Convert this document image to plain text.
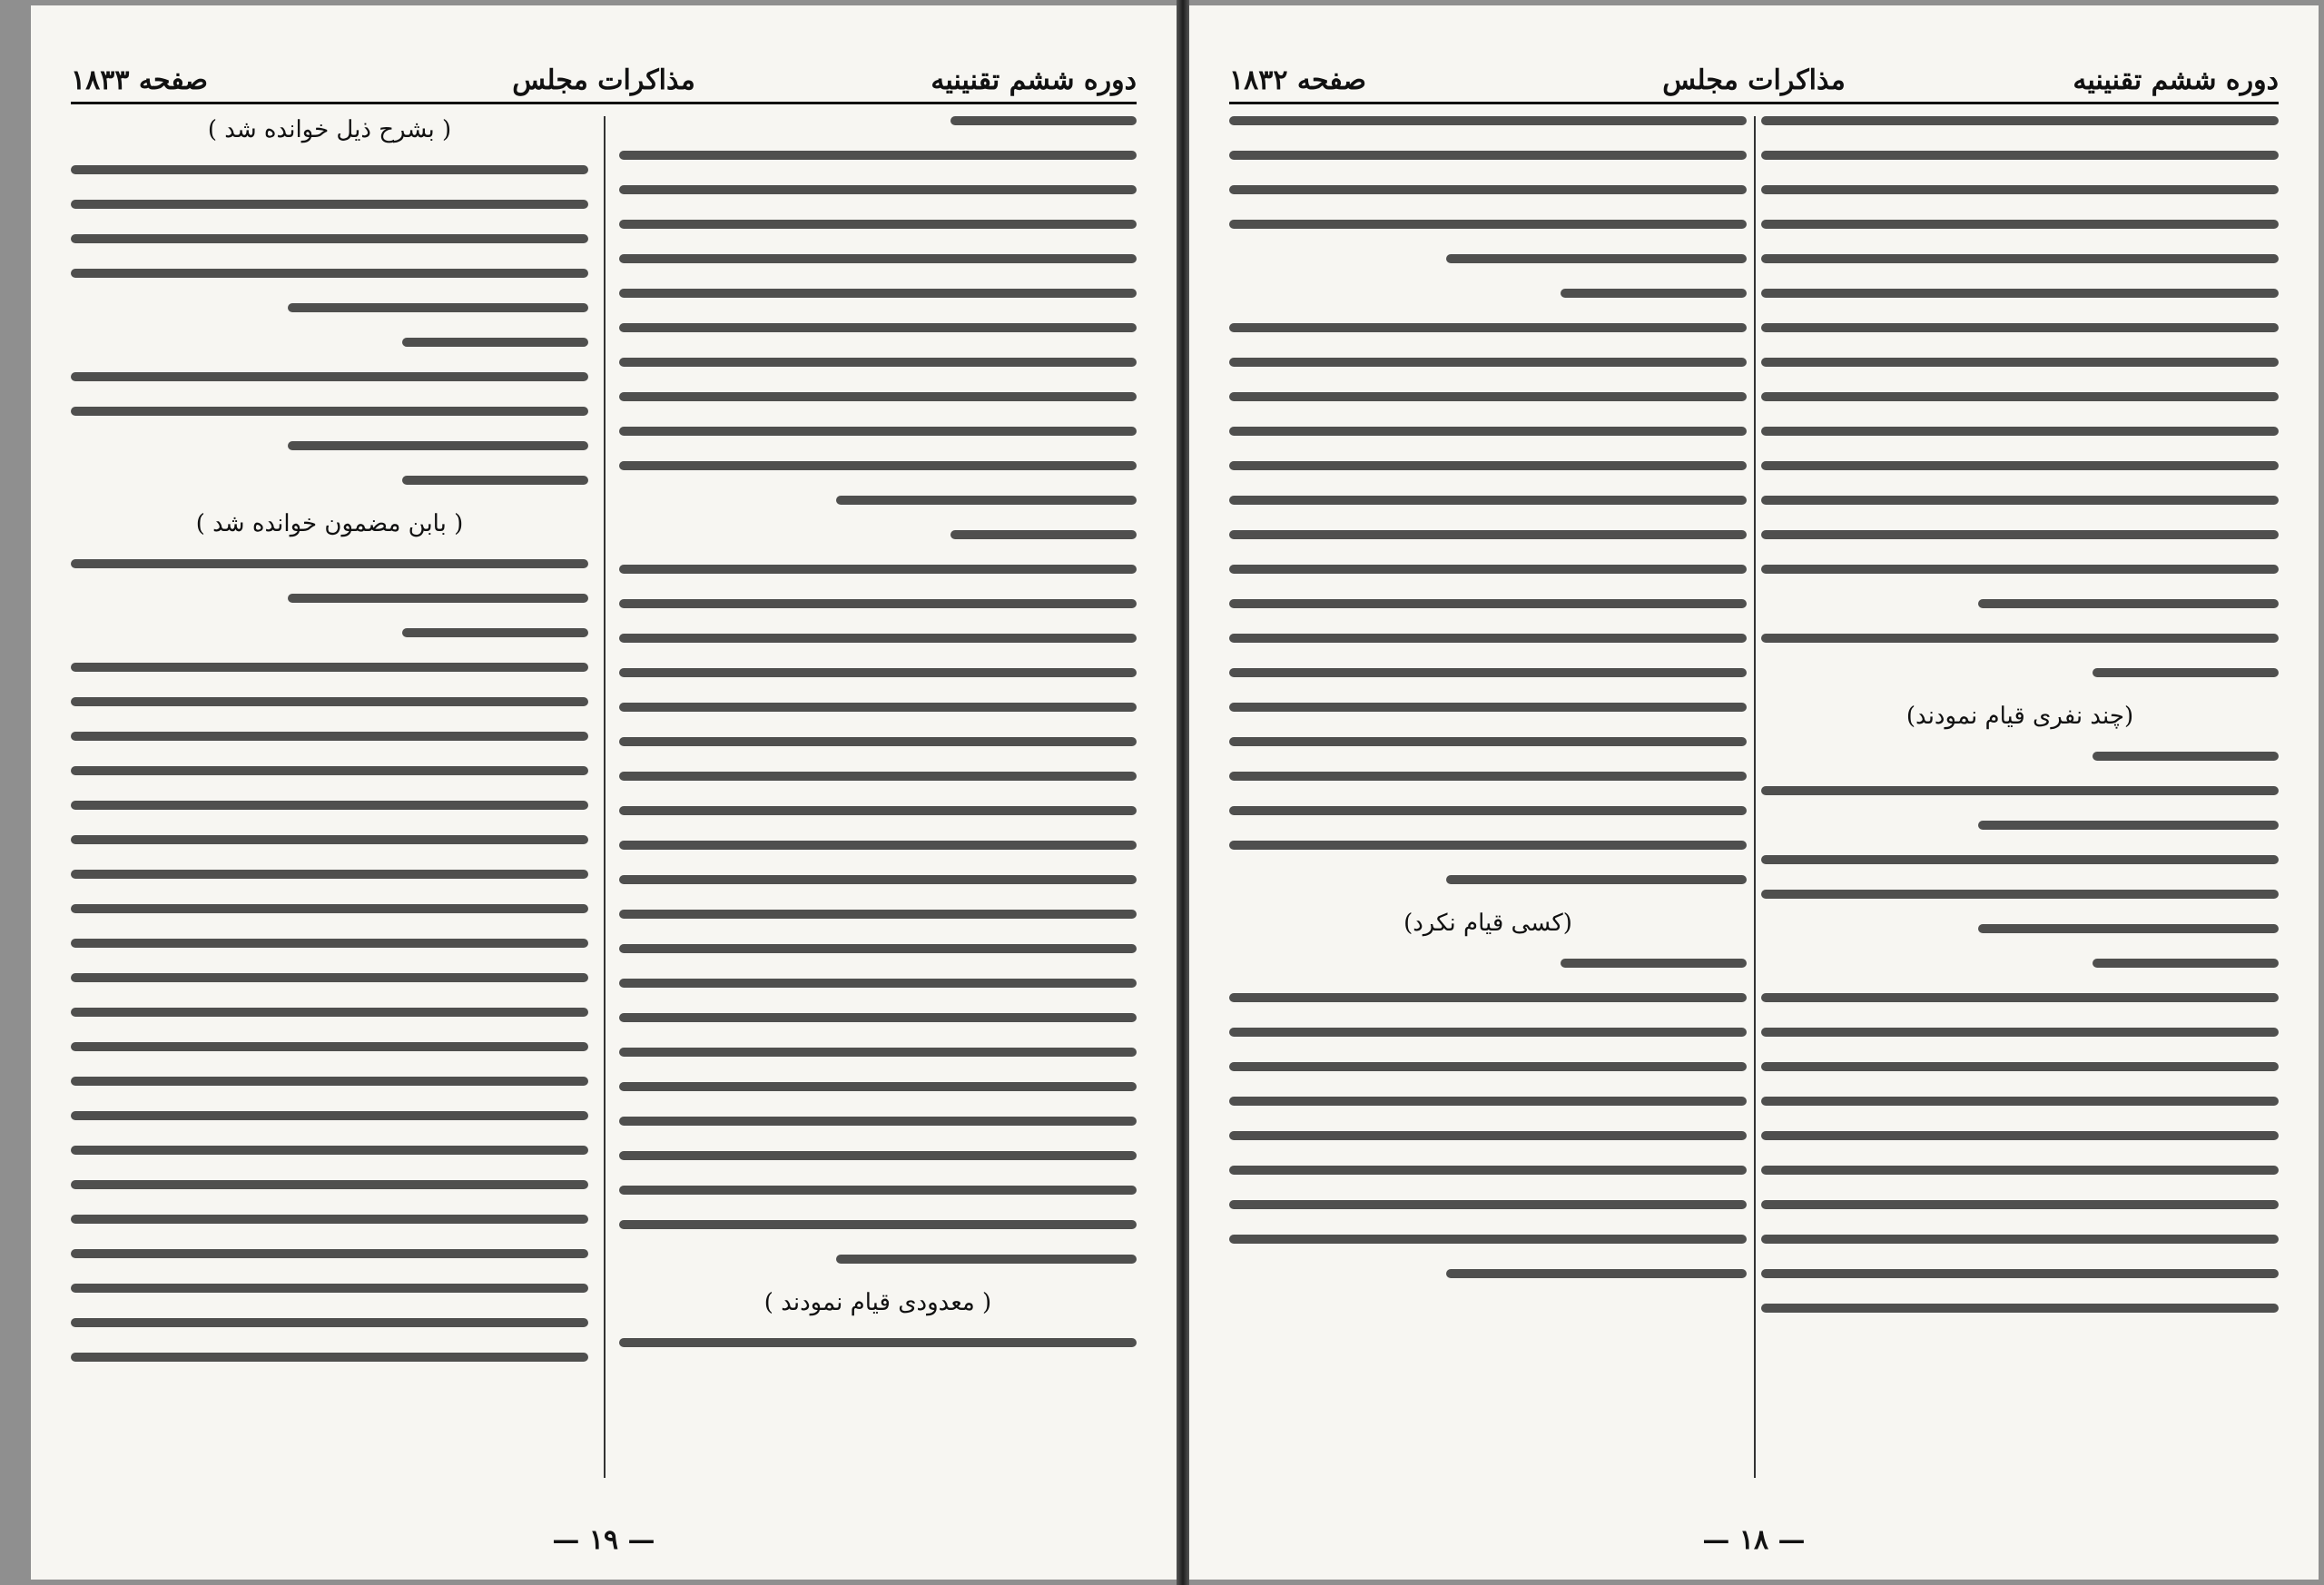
دوره ششم تقنینیه
مذاکرات مجلس
صفحه ۱۸۳۳
( معدودی قیام نمودند )
( بشرح ذیل خوانده شد )
( بابن مضمون خوانده شد )
— ۱۹ —
دوره ششم تقنینیه
مذاکرات مجلس
صفحه ۱۸۳۲
(چند نفری قیام نمودند)
(کسی قیام نکرد)
— ۱۸ —
